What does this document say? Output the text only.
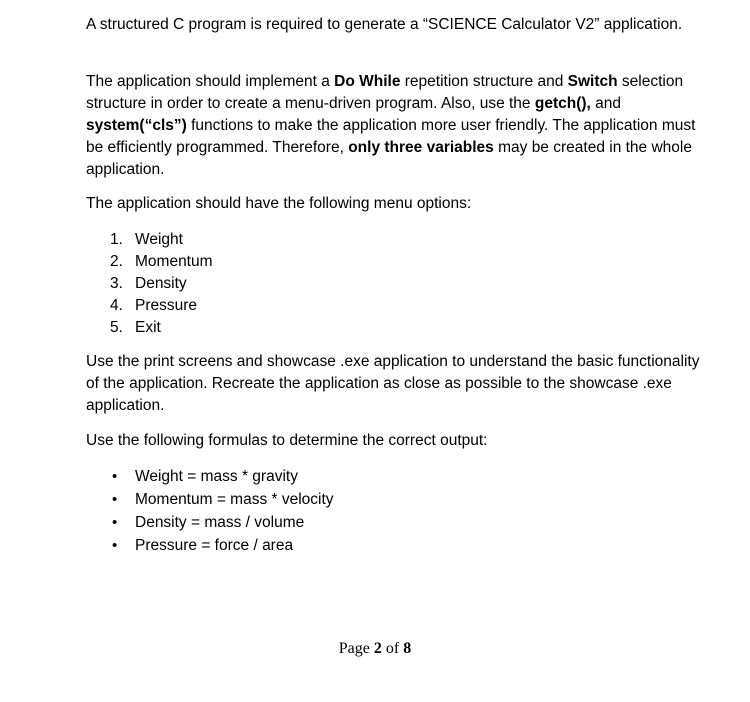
A structured C program is required to generate a “SCIENCE Calculator V2” application.

The application should implement a Do While repetition structure and Switch selection structure in order to create a menu-driven program. Also, use the getch(), and system(“cls”) functions to make the application more user friendly. The application must be efficiently programmed. Therefore, only three variables may be created in the whole application.

The application should have the following menu options:

1. Weight
2. Momentum
3. Density
4. Pressure
5. Exit

Use the print screens and showcase .exe application to understand the basic functionality of the application. Recreate the application as close as possible to the showcase .exe application.

Use the following formulas to determine the correct output:

• Weight = mass * gravity
• Momentum = mass * velocity
• Density = mass / volume
• Pressure = force / area
Page 2 of 8
